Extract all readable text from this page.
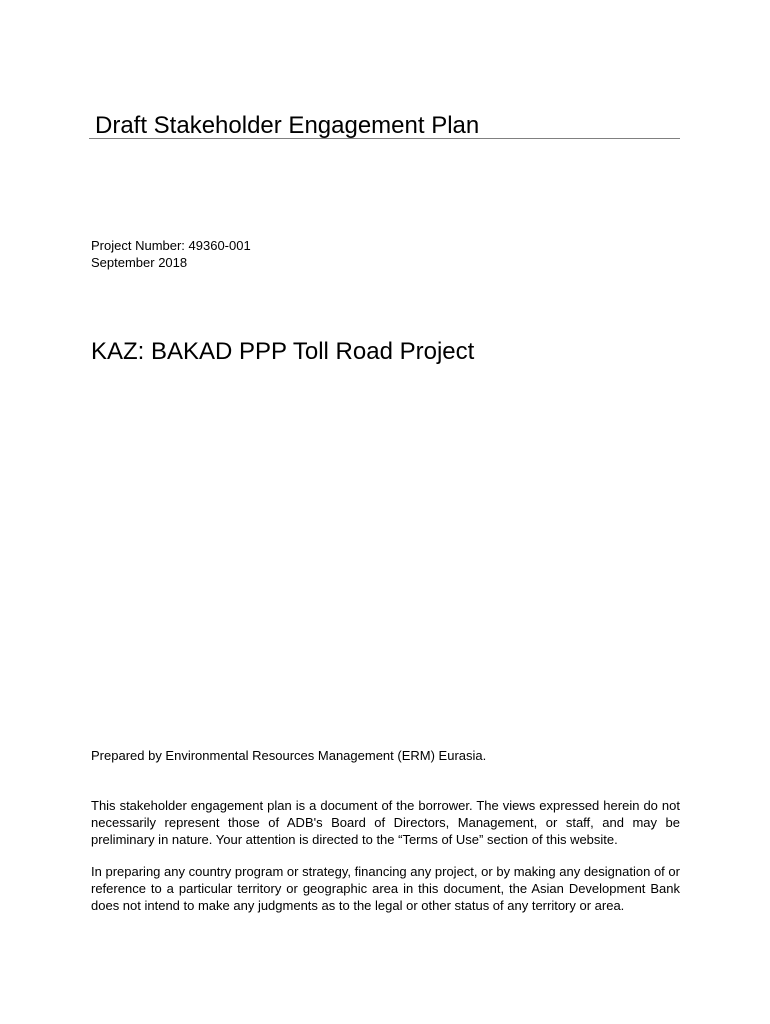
Draft Stakeholder Engagement Plan
Project Number: 49360-001
September 2018
KAZ: BAKAD PPP Toll Road Project
Prepared by Environmental Resources Management (ERM) Eurasia.
This stakeholder engagement plan is a document of the borrower. The views expressed herein do not necessarily represent those of ADB's Board of Directors, Management, or staff, and may be preliminary in nature. Your attention is directed to the “Terms of Use” section of this website.
In preparing any country program or strategy, financing any project, or by making any designation of or reference to a particular territory or geographic area in this document, the Asian Development Bank does not intend to make any judgments as to the legal or other status of any territory or area.
